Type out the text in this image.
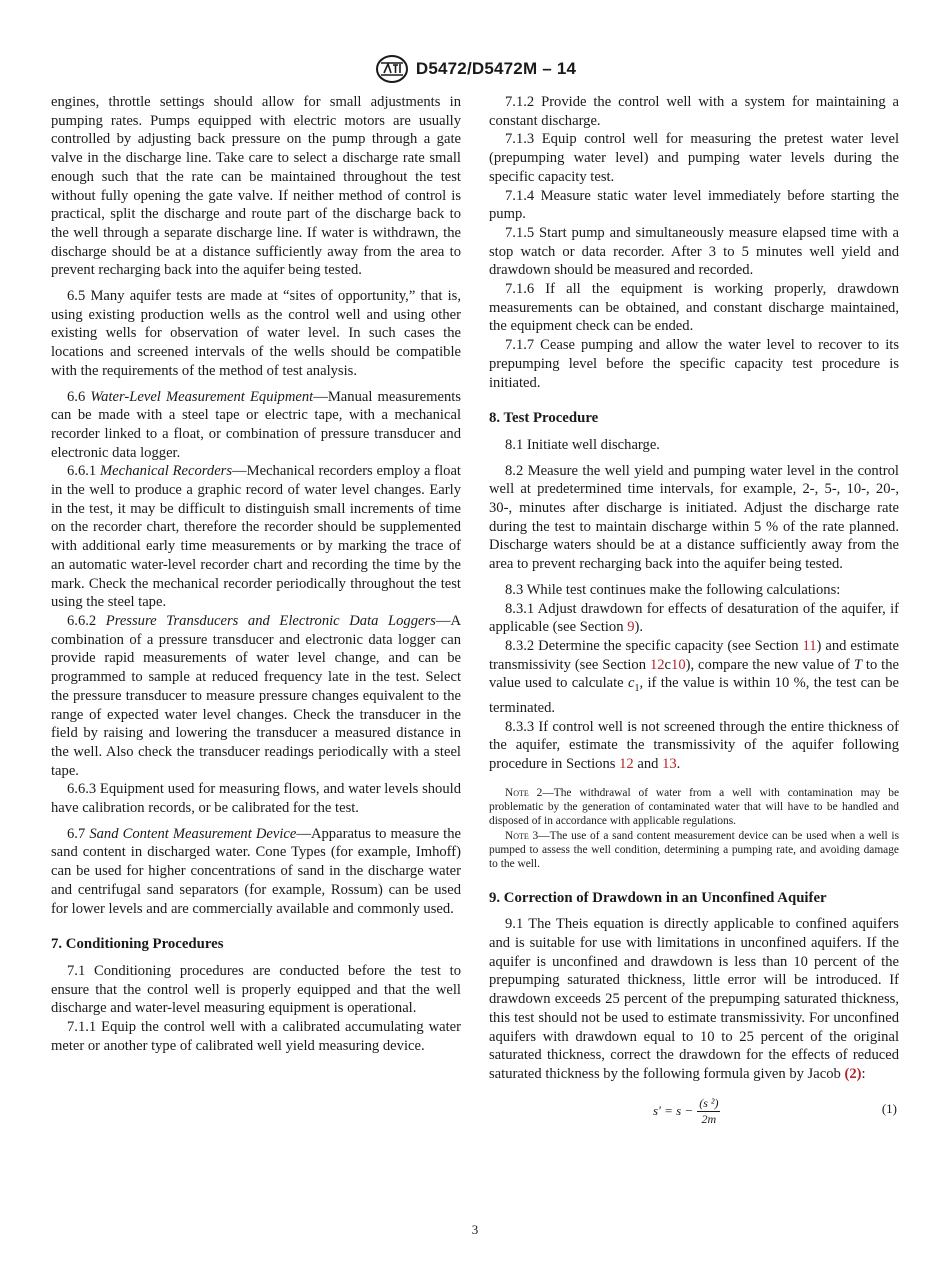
D5472/D5472M – 14

engines, throttle settings should allow for small adjustments in pumping rates. Pumps equipped with electric motors are usually controlled by adjusting back pressure on the pump through a gate valve in the discharge line. Take care to select a discharge rate small enough such that the rate can be maintained throughout the test without fully opening the gate valve. If neither method of control is practical, split the discharge and route part of the discharge back to the well through a separate discharge line. If water is withdrawn, the discharge should be at a distance sufficiently away from the area to prevent recharging back into the aquifer being tested.

6.5 Many aquifer tests are made at “sites of opportunity,” that is, using existing production wells as the control well and using other existing wells for observation of water level. In such cases the locations and screened intervals of the wells should be compatible with the requirements of the method of test analysis.

6.6 Water-Level Measurement Equipment—Manual measurements can be made with a steel tape or electric tape, with a mechanical recorder linked to a float, or combination of pressure transducer and electronic data logger.

6.6.1 Mechanical Recorders—Mechanical recorders employ a float in the well to produce a graphic record of water level changes. Early in the test, it may be difficult to distinguish small increments of time on the recorder chart, therefore the recorder should be supplemented with additional early time measurements or by marking the trace of an automatic water-level recorder chart and recording the time by the mark. Check the mechanical recorder periodically throughout the test using the steel tape.

6.6.2 Pressure Transducers and Electronic Data Loggers—A combination of a pressure transducer and electronic data logger can provide rapid measurements of water level change, and can be programmed to sample at reduced frequency late in the test. Select the pressure transducer to measure pressure changes equivalent to the range of expected water level changes. Check the transducer in the field by raising and lowering the transducer a measured distance in the well. Also check the transducer readings periodically with a steel tape.

6.6.3 Equipment used for measuring flows, and water levels should have calibration records, or be calibrated for the test.

6.7 Sand Content Measurement Device—Apparatus to measure the sand content in discharged water. Cone Types (for example, Imhoff) can be used for higher concentrations of sand in the discharge water and centrifugal sand separators (for example, Rossum) can be used for lower levels and are commercially available and commonly used.

7. Conditioning Procedures

7.1 Conditioning procedures are conducted before the test to ensure that the control well is properly equipped and that the well discharge and water-level measuring equipment is operational.

7.1.1 Equip the control well with a calibrated accumulating water meter or another type of calibrated well yield measuring device.

7.1.2 Provide the control well with a system for maintaining a constant discharge.

7.1.3 Equip control well for measuring the pretest water level (prepumping water level) and pumping water levels during the specific capacity test.

7.1.4 Measure static water level immediately before starting the pump.

7.1.5 Start pump and simultaneously measure elapsed time with a stop watch or data recorder. After 3 to 5 minutes well yield and drawdown should be measured and recorded.

7.1.6 If all the equipment is working properly, drawdown measurements can be obtained, and constant discharge maintained, the equipment check can be ended.

7.1.7 Cease pumping and allow the water level to recover to its prepumping level before the specific capacity test procedure is initiated.

8. Test Procedure

8.1 Initiate well discharge.

8.2 Measure the well yield and pumping water level in the control well at predetermined time intervals, for example, 2-, 5-, 10-, 20-, 30-, minutes after discharge is initiated. Adjust the discharge rate during the test to maintain discharge within 5 % of the rate planned. Discharge waters should be at a distance sufficiently away from the area to prevent recharging back into the aquifer being tested.

8.3 While test continues make the following calculations:

8.3.1 Adjust drawdown for effects of desaturation of the aquifer, if applicable (see Section 9).

8.3.2 Determine the specific capacity (see Section 11) and estimate transmissivity (see Section 12c10), compare the new value of T to the value used to calculate $c_1$, if the value is within 10 %, the test can be terminated.

8.3.3 If control well is not screened through the entire thickness of the aquifer, estimate the transmissivity of the aquifer following procedure in Sections 12 and 13.

Note 2—The withdrawal of water from a well with contamination may be problematic by the generation of contaminated water that will have to be handled and disposed of in accordance with applicable regulations.

Note 3—The use of a sand content measurement device can be used when a well is pumped to assess the well condition, determining a pumping rate, and avoiding damage to the well.

9. Correction of Drawdown in an Unconfined Aquifer

9.1 The Theis equation is directly applicable to confined aquifers and is suitable for use with limitations in unconfined aquifers. If the aquifer is unconfined and drawdown is less than 10 percent of the prepumping saturated thickness, little error will be introduced. If drawdown exceeds 25 percent of the prepumping saturated thickness, this test should not be used to estimate transmissivity. For unconfined aquifers with drawdown equal to 10 to 25 percent of the original saturated thickness, correct the drawdown for the effects of reduced saturated thickness by the following formula given by Jacob (2):

$s' = s - \frac{\text{(s ²)}}{2m}$	(1)
3
